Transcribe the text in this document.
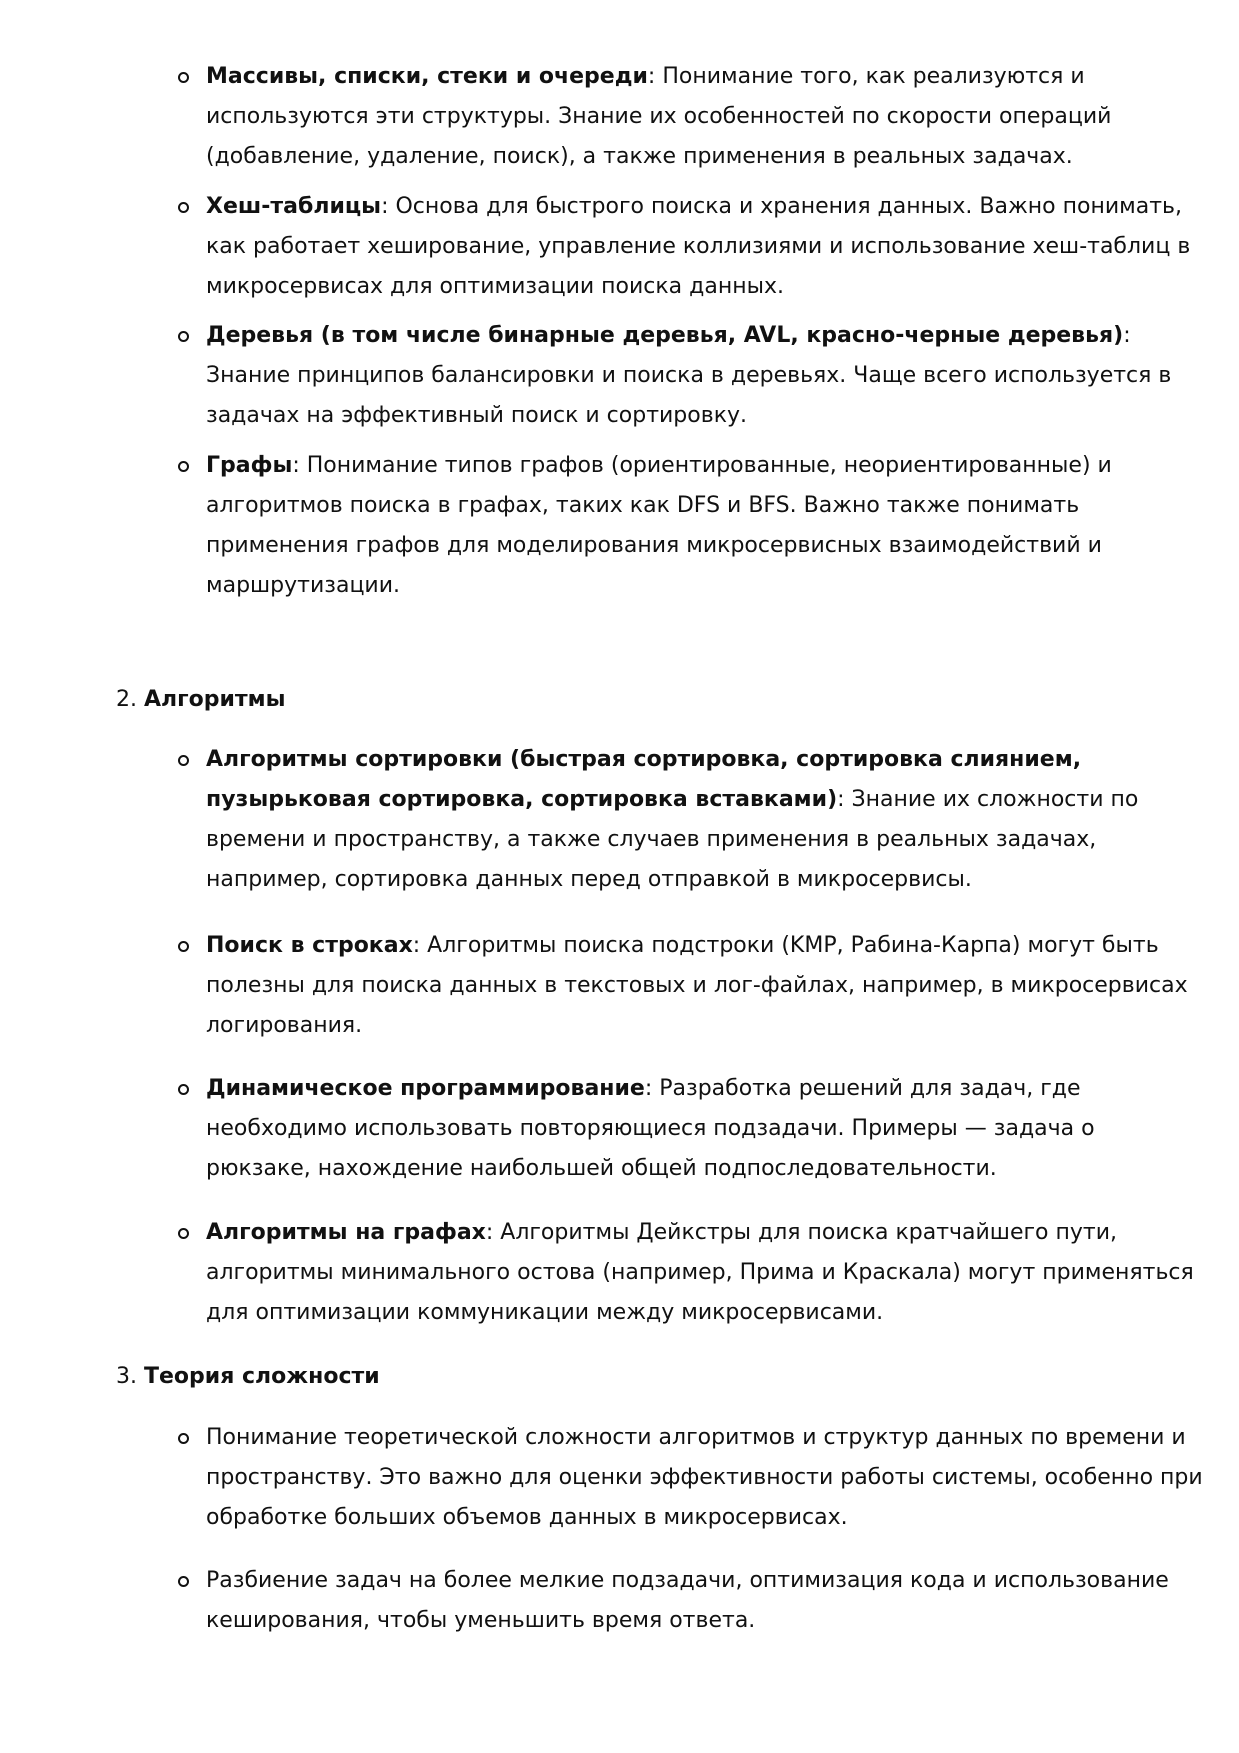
Массивы, списки, стеки и очереди: Понимание того, как реализуются и используются эти структуры. Знание их особенностей по скорости операций (добавление, удаление, поиск), а также применения в реальных задачах.
Хеш-таблицы: Основа для быстрого поиска и хранения данных. Важно понимать, как работает хеширование, управление коллизиями и использование хеш-таблиц в микросервисах для оптимизации поиска данных.
Деревья (в том числе бинарные деревья, AVL, красно-черные деревья): Знание принципов балансировки и поиска в деревьях. Чаще всего используется в задачах на эффективный поиск и сортировку.
Графы: Понимание типов графов (ориентированные, неориентированные) и алгоритмов поиска в графах, таких как DFS и BFS. Важно также понимать применения графов для моделирования микросервисных взаимодействий и маршрутизации.
2. Алгоритмы
Алгоритмы сортировки (быстрая сортировка, сортировка слиянием, пузырьковая сортировка, сортировка вставками): Знание их сложности по времени и пространству, а также случаев применения в реальных задачах, например, сортировка данных перед отправкой в микросервисы.
Поиск в строках: Алгоритмы поиска подстроки (KMP, Рабина-Карпа) могут быть полезны для поиска данных в текстовых и лог-файлах, например, в микросервисах логирования.
Динамическое программирование: Разработка решений для задач, где необходимо использовать повторяющиеся подзадачи. Примеры — задача о рюкзаке, нахождение наибольшей общей подпоследовательности.
Алгоритмы на графах: Алгоритмы Дейкстры для поиска кратчайшего пути, алгоритмы минимального остова (например, Прима и Краскала) могут применяться для оптимизации коммуникации между микросервисами.
3. Теория сложности
Понимание теоретической сложности алгоритмов и структур данных по времени и пространству. Это важно для оценки эффективности работы системы, особенно при обработке больших объемов данных в микросервисах.
Разбиение задач на более мелкие подзадачи, оптимизация кода и использование кеширования, чтобы уменьшить время ответа.
